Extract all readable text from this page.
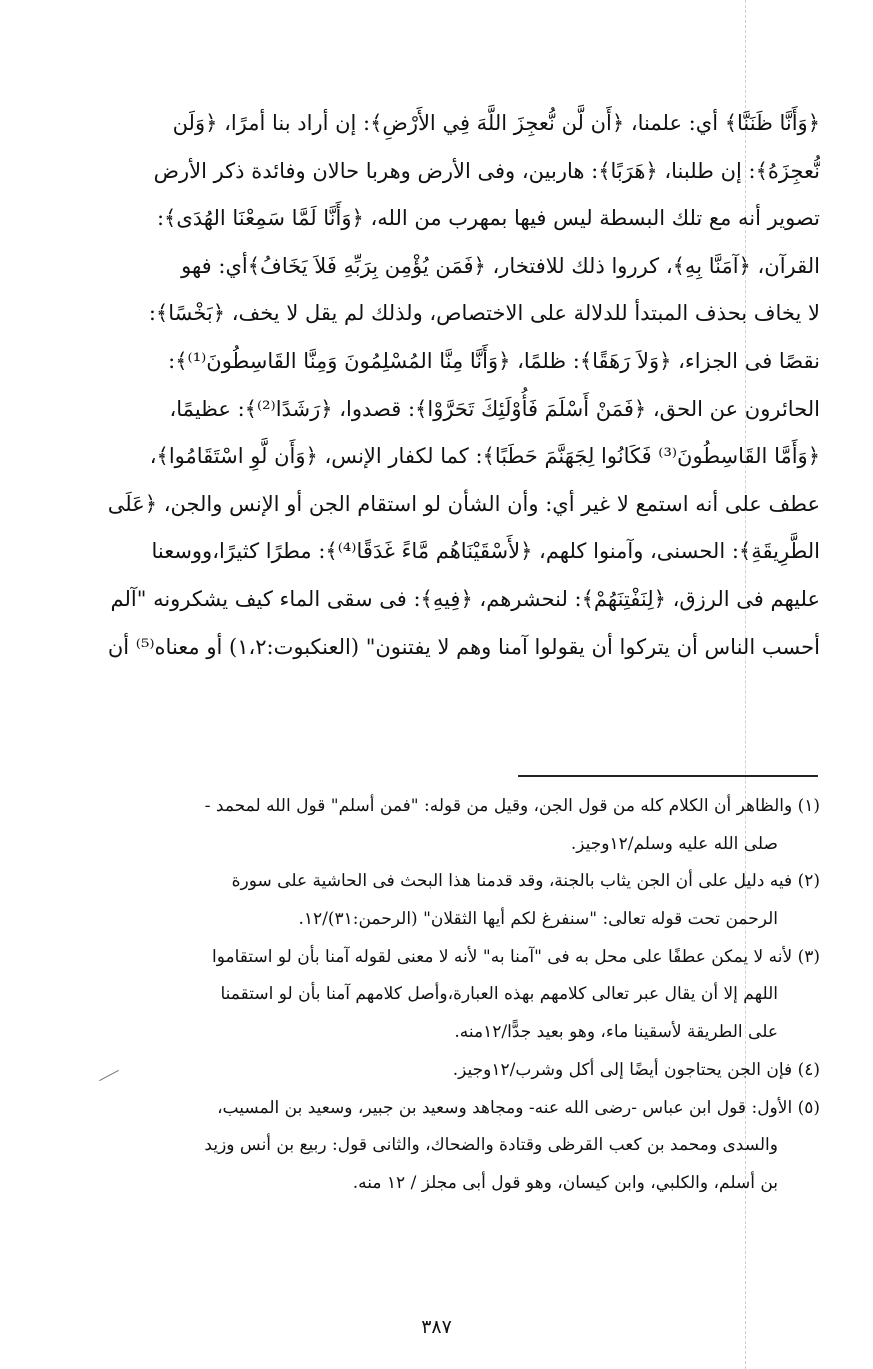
﴿وَأَنَّا ظَنَنَّا﴾ أي: علمنا، ﴿أَن لَّن نُّعجِزَ اللَّهَ فِي الأَرْضِ﴾: إن أراد بنا أمرًا، ﴿وَلَن
نُّعجِزَهُ﴾: إن طلبنا، ﴿هَرَبًا﴾: هاربين، وفى الأرض وهربا حالان وفائدة ذكر الأرض
تصوير أنه مع تلك البسطة ليس فيها بمهرب من الله، ﴿وَأَنَّا لَمَّا سَمِعْنَا الهُدَى﴾:
القرآن، ﴿آمَنَّا بِهِ﴾، كرروا ذلك للافتخار، ﴿فَمَن يُؤْمِن بِرَبِّهِ فَلاَ يَخَافُ﴾أي: فهو
لا يخاف بحذف المبتدأ للدلالة على الاختصاص، ولذلك لم يقل لا يخف، ﴿بَخْسًا﴾:
نقصًا فى الجزاء، ﴿وَلاَ رَهَقًا﴾: ظلمًا، ﴿وَأَنَّا مِنَّا المُسْلِمُونَ وَمِنَّا القَاسِطُونَ⁽¹⁾﴾:
الحائرون عن الحق، ﴿فَمَنْ أَسْلَمَ فَأُوْلَئِكَ تَحَرَّوْا﴾: قصدوا، ﴿رَشَدًا⁽²⁾﴾: عظيمًا،
﴿وَأَمَّا القَاسِطُونَ⁽³⁾ فَكَانُوا لِجَهَنَّمَ حَطَبًا﴾: كما لكفار الإنس، ﴿وَأَن لَّوِ اسْتَقَامُوا﴾،
عطف على أنه استمع لا غير أي: وأن الشأن لو استقام الجن أو الإنس والجن، ﴿عَلَى
الطَّرِيقَةِ﴾: الحسنى، وآمنوا كلهم، ﴿لأَسْقَيْنَاهُم مَّاءً غَدَقًا⁽⁴⁾﴾: مطرًا كثيرًا،ووسعنا
عليهم فى الرزق، ﴿لِنَفْتِنَهُمْ﴾: لنحشرهم، ﴿فِيهِ﴾: فى سقى الماء كيف يشكرونه "آلم
أحسب الناس أن يتركوا أن يقولوا آمنا وهم لا يفتنون" (العنكبوت:١،٢) أو معناه⁽⁵⁾ أن
(١) والظاهر أن الكلام كله من قول الجن، وقيل من قوله: "فمن أسلم" قول الله لمحمد -
صلى الله عليه وسلم/١٢وجيز.
(٢) فيه دليل على أن الجن يثاب بالجنة، وقد قدمنا هذا البحث فى الحاشية على سورة
الرحمن تحت قوله تعالى: "سنفرغ لكم أيها الثقلان" (الرحمن:٣١)/١٢.
(٣) لأنه لا يمكن عطفًا على محل به فى "آمنا به" لأنه لا معنى لقوله آمنا بأن لو استقاموا
اللهم إلا أن يقال عبر تعالى كلامهم بهذه العبارة،وأصل كلامهم آمنا بأن لو استقمنا
على الطريقة لأسقينا ماء، وهو بعيد جدًّا/١٢منه.
(٤) فإن الجن يحتاجون أيضًا إلى أكل وشرب/١٢وجيز.
(٥) الأول: قول ابن عباس -رضى الله عنه- ومجاهد وسعيد بن جبير، وسعيد بن المسيب،
والسدى ومحمد بن كعب القرظى وقتادة والضحاك، والثانى قول: ربيع بن أنس وزيد
بن أسلم، والكلبي، وابن كيسان، وهو قول أبى مجلز / ١٢ منه.
٣٨٧
